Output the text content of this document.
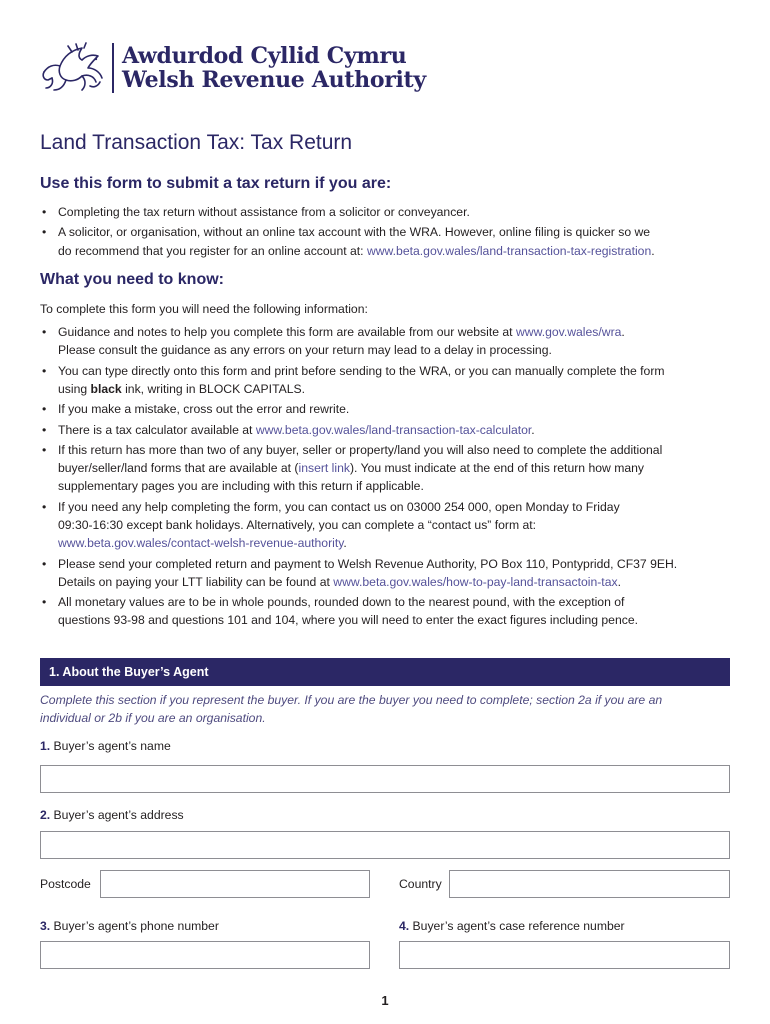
Awdurdod Cyllid Cymru
Welsh Revenue Authority
Land Transaction Tax: Tax Return
Use this form to submit a tax return if you are:
• Completing the tax return without assistance from a solicitor or conveyancer.
• A solicitor, or organisation, without an online tax account with the WRA. However, online filing is quicker so we
do recommend that you register for an online account at: www.beta.gov.wales/land-transaction-tax-registration.
What you need to know:

To complete this form you will need the following information:

• Guidance and notes to help you complete this form are available from our website at www.gov.wales/wra.
Please consult the guidance as any errors on your return may lead to a delay in processing.
• You can type directly onto this form and print before sending to the WRA, or you can manually complete the form
using black ink, writing in BLOCK CAPITALS.
• If you make a mistake, cross out the error and rewrite.
• There is a tax calculator available at www.beta.gov.wales/land-transaction-tax-calculator.
• If this return has more than two of any buyer, seller or property/land you will also need to complete the additional
buyer/seller/land forms that are available at (insert link). You must indicate at the end of this return how many
supplementary pages you are including with this return if applicable.
• If you need any help completing the form, you can contact us on 03000 254 000, open Monday to Friday
09:30-16:30 except bank holidays. Alternatively, you can complete a “contact us” form at:
www.beta.gov.wales/contact-welsh-revenue-authority.
• Please send your completed return and payment to Welsh Revenue Authority, PO Box 110, Pontypridd, CF37 9EH.
Details on paying your LTT liability can be found at www.beta.gov.wales/how-to-pay-land-transactoin-tax.
• All monetary values are to be in whole pounds, rounded down to the nearest pound, with the exception of
questions 93-98 and questions 101 and 104, where you will need to enter the exact figures including pence.
1. About the Buyer’s Agent

Complete this section if you represent the buyer. If you are the buyer you need to complete; section 2a if you are an
individual or 2b if you are an organisation.

1. Buyer’s agent’s name
2. Buyer’s agent’s address
Postcode	Country
3. Buyer’s agent’s phone number	4. Buyer’s agent’s case reference number
1
